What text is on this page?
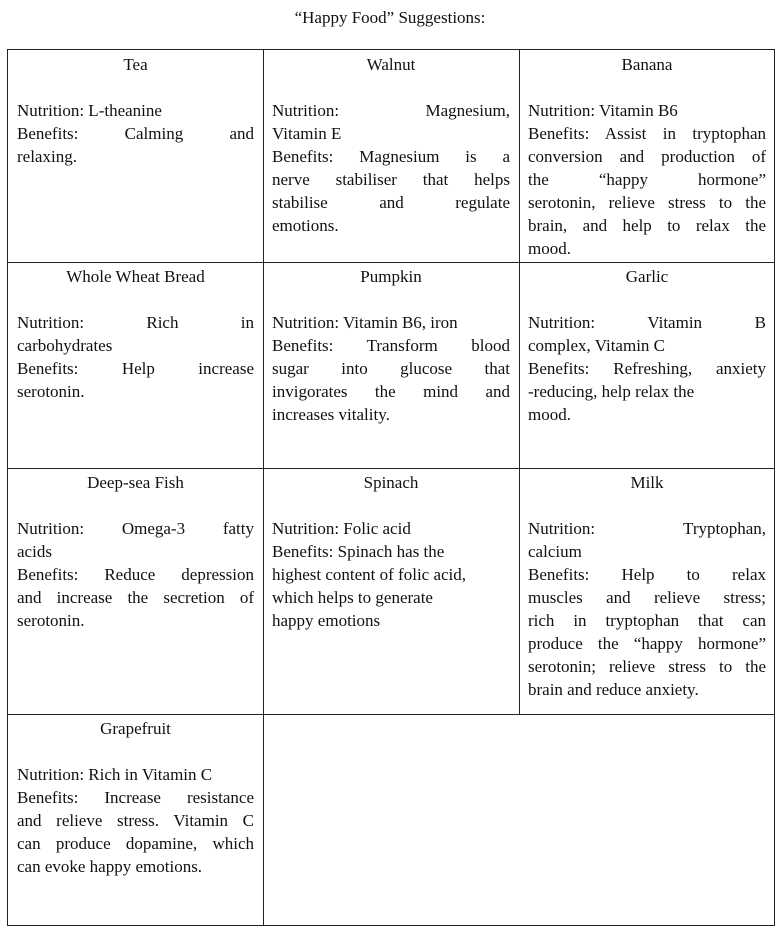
“Happy Food” Suggestions:
Tea
Nutrition: L-theanine
Benefits: Calming and
relaxing.
Walnut
Nutrition: Magnesium,
Vitamin E
Benefits: Magnesium is a
nerve stabiliser that helps
stabilise and regulate
emotions.
Banana
Nutrition: Vitamin B6
Benefits: Assist in tryptophan
conversion and production of
the “happy hormone”
serotonin, relieve stress to the
brain, and help to relax the
mood.
Whole Wheat Bread
Nutrition: Rich in
carbohydrates
Benefits: Help increase
serotonin.
Pumpkin
Nutrition: Vitamin B6, iron
Benefits: Transform blood
sugar into glucose that
invigorates the mind and
increases vitality.
Garlic
Nutrition: Vitamin B
complex, Vitamin C
Benefits: Refreshing, anxiety
-reducing, help relax the
mood.
Deep-sea Fish
Nutrition: Omega-3 fatty
acids
Benefits: Reduce depression
and increase the secretion of
serotonin.
Spinach
Nutrition: Folic acid
Benefits: Spinach has the
highest content of folic acid,
which helps to generate
happy emotions
Milk
Nutrition: Tryptophan,
calcium
Benefits: Help to relax
muscles and relieve stress;
rich in tryptophan that can
produce the “happy hormone”
serotonin; relieve stress to the
brain and reduce anxiety.
Grapefruit
Nutrition: Rich in Vitamin C
Benefits: Increase resistance
and relieve stress. Vitamin C
can produce dopamine, which
can evoke happy emotions.
